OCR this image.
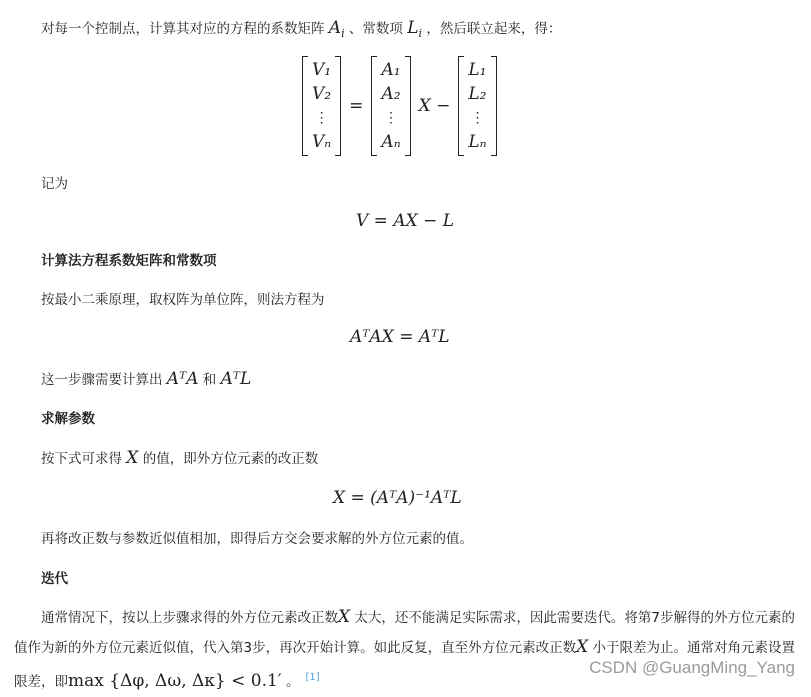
对每一个控制点，计算其对应的方程的系数矩阵 $A_i$ 、常数项 $L_i$ ，然后联立起来，得：
V₁
V₂
⋮
Vₙ
=
A₁
A₂
⋮
Aₙ
X −
L₁
L₂
⋮
Lₙ
记为
V = AX − L
计算法方程系数矩阵和常数项
按最小二乘原理，取权阵为单位阵，则法方程为
AᵀAX = AᵀL
这一步骤需要计算出 AᵀA 和 AᵀL
求解参数
按下式可求得 X 的值，即外方位元素的改正数
X = (AᵀA)⁻¹AᵀL
再将改正数与参数近似值相加，即得后方交会要求解的外方位元素的值。
迭代
通常情况下，按以上步骤求得的外方位元素改正数X 太大，还不能满足实际需求，因此需要迭代。将第7步解得的外方位元素的值作为新的外方位元素近似值，代入第3步，再次开始计算。如此反复，直至外方位元素改正数X 小于限差为止。通常对角元素设置限差，即max {Δφ, Δω, Δκ} < 0.1′ 。 [1]
CSDN @GuangMing_Yang
